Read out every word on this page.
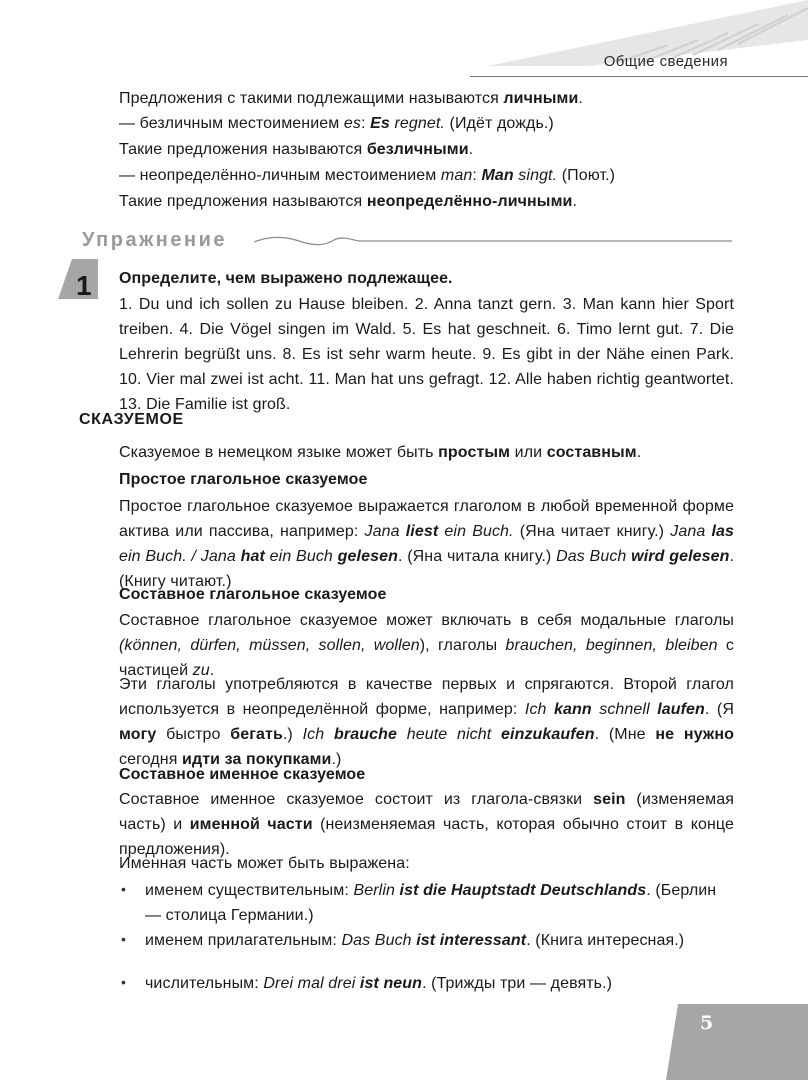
Общие сведения
Предложения с такими подлежащими называются личными.
— безличным местоимением es: Es regnet. (Идёт дождь.)
Такие предложения называются безличными.
— неопределённо-личным местоимением man: Man singt. (Поют.)
Такие предложения называются неопределённо-личными.
Упражнение
1 Определите, чем выражено подлежащее.
1. Du und ich sollen zu Hause bleiben. 2. Anna tanzt gern. 3. Man kann hier Sport treiben. 4. Die Vögel singen im Wald. 5. Es hat geschneit. 6. Timo lernt gut. 7. Die Lehrerin begrüßt uns. 8. Es ist sehr warm heute. 9. Es gibt in der Nähe einen Park. 10. Vier mal zwei ist acht. 11. Man hat uns gefragt. 12. Alle haben richtig geantwortet. 13. Die Familie ist groß.
СКАЗУЕМОЕ
Сказуемое в немецком языке может быть простым или составным.
Простое глагольное сказуемое
Простое глагольное сказуемое выражается глаголом в любой временной форме актива или пассива, например: Jana liest ein Buch. (Яна читает книгу.) Jana las ein Buch. / Jana hat ein Buch gelesen. (Яна читала книгу.) Das Buch wird gelesen. (Книгу читают.)
Составное глагольное сказуемое
Составное глагольное сказуемое может включать в себя модальные глаголы (können, dürfen, müssen, sollen, wollen), глаголы brauchen, beginnen, bleiben с частицей zu.
Эти глаголы употребляются в качестве первых и спрягаются. Второй глагол используется в неопределённой форме, например: Ich kann schnell laufen. (Я могу быстро бегать.) Ich brauche heute nicht einzukaufen. (Мне не нужно сегодня идти за покупками.)
Составное именное сказуемое
Составное именное сказуемое состоит из глагола-связки sein (изменяемая часть) и именной части (неизменяемая часть, которая обычно стоит в конце предложения).
Именная часть может быть выражена:
• именем существительным: Berlin ist die Hauptstadt Deutschlands. (Берлин — столица Германии.)
• именем прилагательным: Das Buch ist interessant. (Книга интересная.)
• числительным: Drei mal drei ist neun. (Трижды три — девять.)
5
